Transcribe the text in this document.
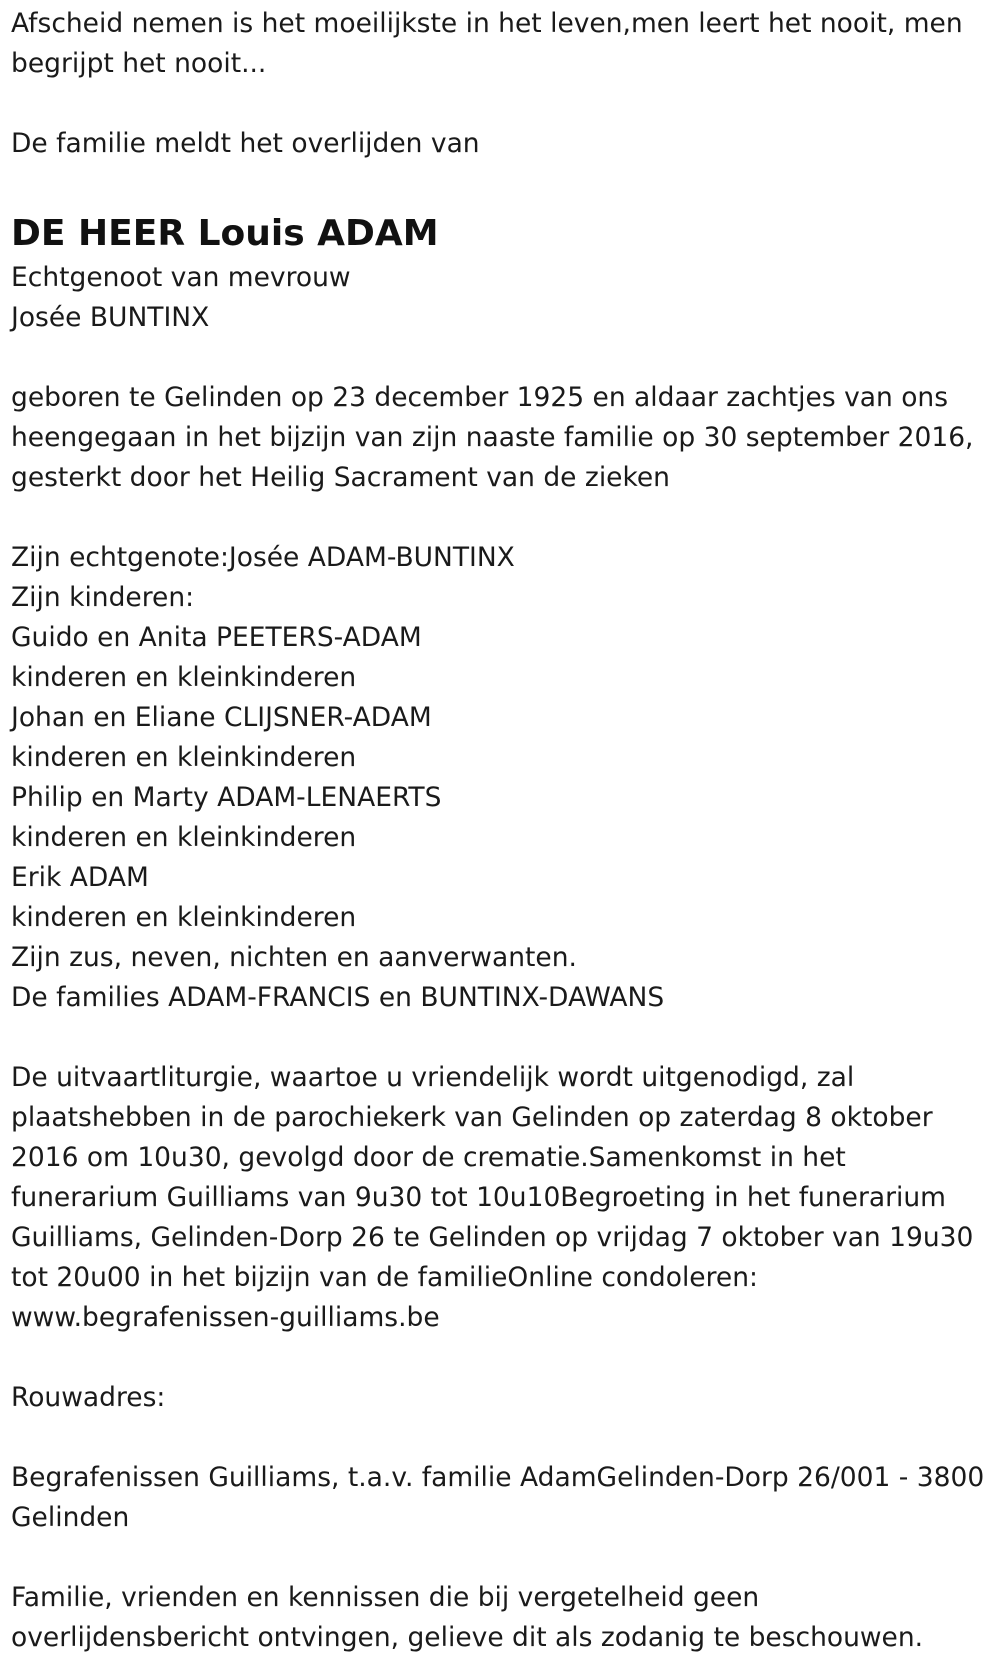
Afscheid nemen is het moeilijkste in het leven,men leert het nooit, men

begrijpt het nooit...

De familie meldt het overlijden van

DE HEER Louis ADAM

Echtgenoot van mevrouw

Josée BUNTINX

geboren te Gelinden op 23 december 1925 en aldaar zachtjes van ons

heengegaan in het bijzijn van zijn naaste familie op 30 september 2016,

gesterkt door het Heilig Sacrament van de zieken

Zijn echtgenote:Josée ADAM-BUNTINX

Zijn kinderen:

Guido en Anita PEETERS-ADAM

kinderen en kleinkinderen

Johan en Eliane CLIJSNER-ADAM

kinderen en kleinkinderen

Philip en Marty ADAM-LENAERTS

kinderen en kleinkinderen

Erik ADAM

kinderen en kleinkinderen

Zijn zus, neven, nichten en aanverwanten.

De families ADAM-FRANCIS en BUNTINX-DAWANS

De uitvaartliturgie, waartoe u vriendelijk wordt uitgenodigd, zal

plaatshebben in de parochiekerk van Gelinden op zaterdag 8 oktober

2016 om 10u30, gevolgd door de crematie.Samenkomst in het

funerarium Guilliams van 9u30 tot 10u10Begroeting in het funerarium

Guilliams, Gelinden-Dorp 26 te Gelinden op vrijdag 7 oktober van 19u30

tot 20u00 in het bijzijn van de familieOnline condoleren:

www.begrafenissen-guilliams.be

Rouwadres:

Begrafenissen Guilliams, t.a.v. familie AdamGelinden-Dorp 26/001 - 3800

Gelinden

Familie, vrienden en kennissen die bij vergetelheid geen

overlijdensbericht ontvingen, gelieve dit als zodanig te beschouwen.
